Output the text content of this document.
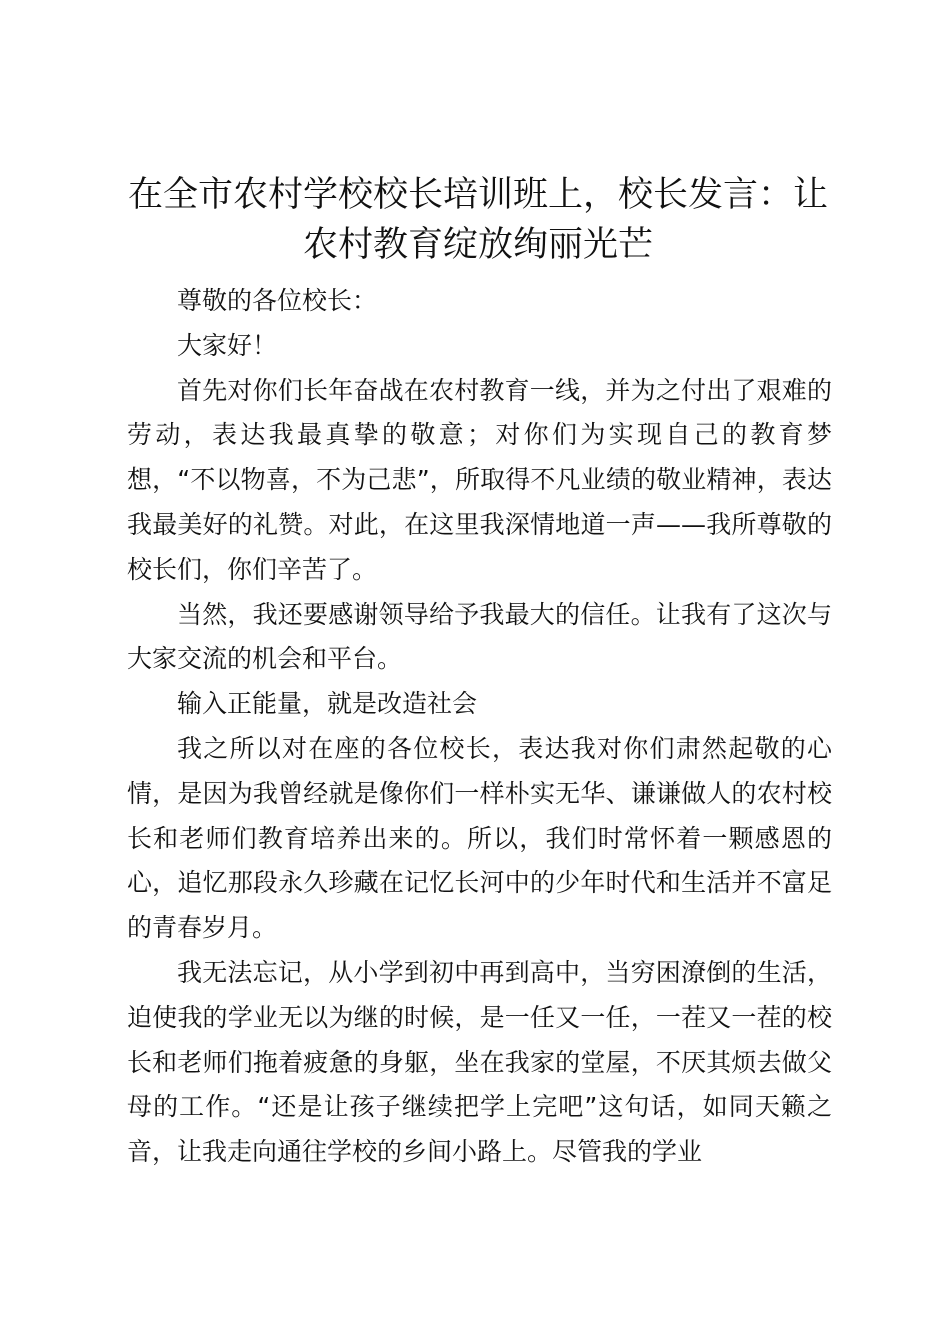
在全市农村学校校长培训班上，校长发言：让农村教育绽放绚丽光芒

尊敬的各位校长：

大家好！

首先对你们长年奋战在农村教育一线，并为之付出了艰难的劳动，表达我最真挚的敬意；对你们为实现自己的教育梦想，“不以物喜，不为己悲”，所取得不凡业绩的敬业精神，表达我最美好的礼赞。对此，在这里我深情地道一声——我所尊敬的校长们，你们辛苦了。

当然，我还要感谢领导给予我最大的信任。让我有了这次与大家交流的机会和平台。

输入正能量，就是改造社会

我之所以对在座的各位校长，表达我对你们肃然起敬的心情，是因为我曾经就是像你们一样朴实无华、谦谦做人的农村校长和老师们教育培养出来的。所以，我们时常怀着一颗感恩的心，追忆那段永久珍藏在记忆长河中的少年时代和生活并不富足的青春岁月。

我无法忘记，从小学到初中再到高中，当穷困潦倒的生活，迫使我的学业无以为继的时候，是一任又一任，一茬又一茬的校长和老师们拖着疲惫的身躯，坐在我家的堂屋，不厌其烦去做父母的工作。“还是让孩子继续把学上完吧”这句话，如同天籁之音，让我走向通往学校的乡间小路上。尽管我的学业
